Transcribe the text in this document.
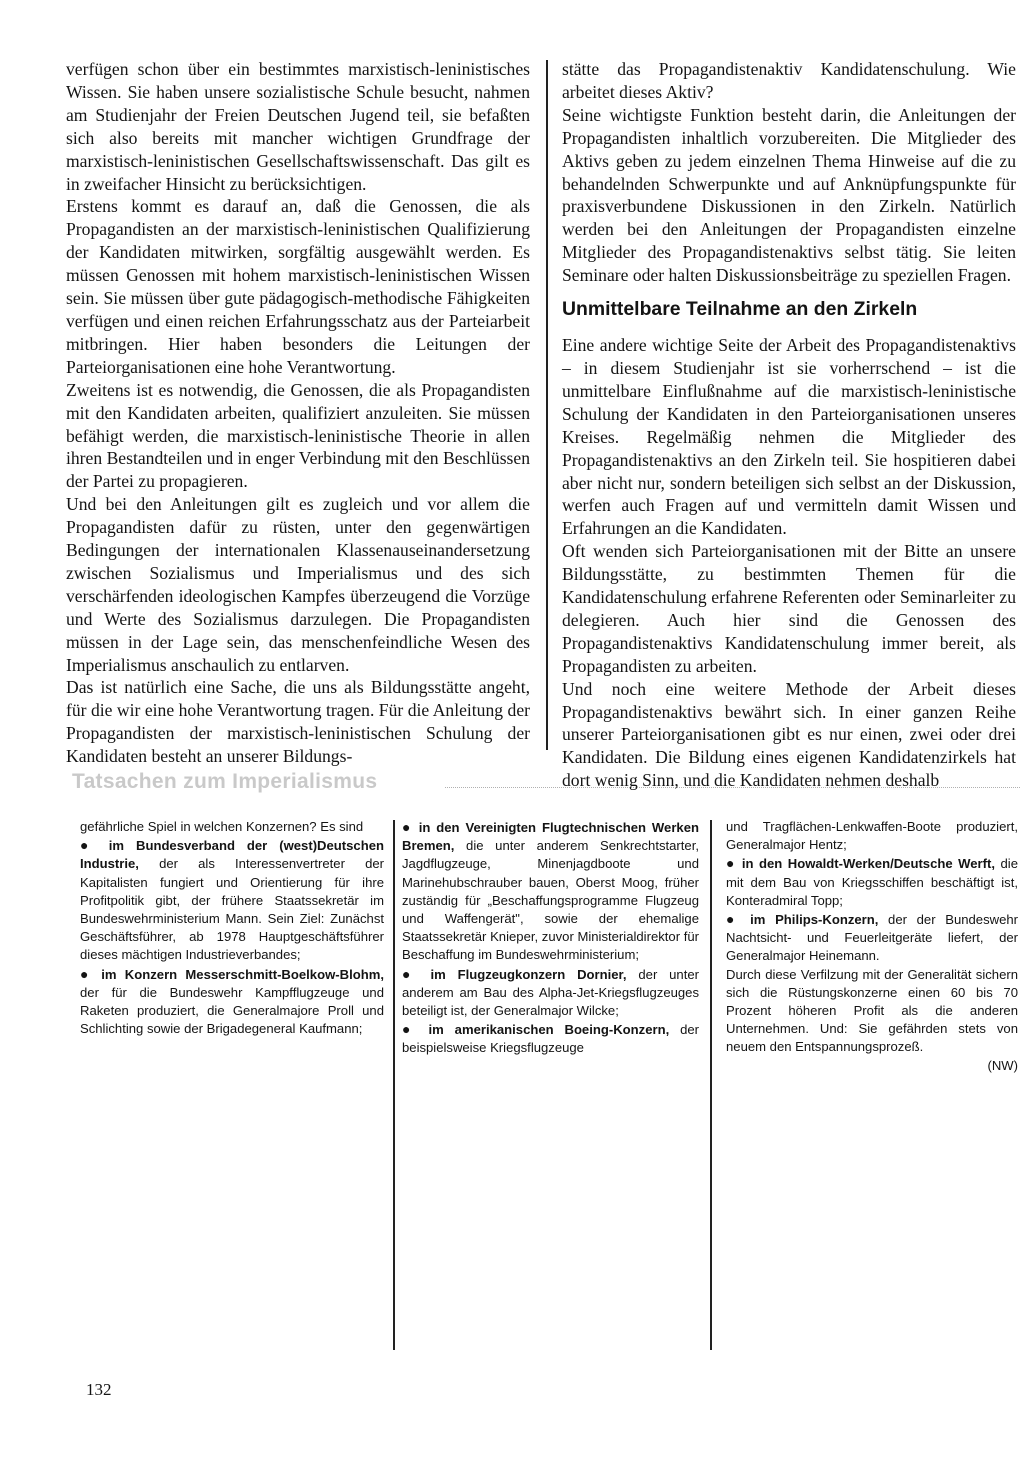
verfügen schon über ein bestimmtes marxistisch-leninistisches Wissen. Sie haben unsere sozialistische Schule besucht, nahmen am Studienjahr der Freien Deutschen Jugend teil, sie befaßten sich also bereits mit mancher wichtigen Grundfrage der marxistisch-leninistischen Gesellschaftswissenschaft. Das gilt es in zweifacher Hinsicht zu berücksichtigen.

Erstens kommt es darauf an, daß die Genossen, die als Propagandisten an der marxistisch-leninistischen Qualifizierung der Kandidaten mitwirken, sorgfältig ausgewählt werden. Es müssen Genossen mit hohem marxistisch-leninistischen Wissen sein. Sie müssen über gute pädagogisch-methodische Fähigkeiten verfügen und einen reichen Erfahrungsschatz aus der Parteiarbeit mitbringen. Hier haben besonders die Leitungen der Parteiorganisationen eine hohe Verantwortung.

Zweitens ist es notwendig, die Genossen, die als Propagandisten mit den Kandidaten arbeiten, qualifiziert anzuleiten. Sie müssen befähigt werden, die marxistisch-leninistische Theorie in allen ihren Bestandteilen und in enger Verbindung mit den Beschlüssen der Partei zu propagieren.

Und bei den Anleitungen gilt es zugleich und vor allem die Propagandisten dafür zu rüsten, unter den gegenwärtigen Bedingungen der internationalen Klassenauseinandersetzung zwischen Sozialismus und Imperialismus und des sich verschärfenden ideologischen Kampfes überzeugend die Vorzüge und Werte des Sozialismus darzulegen. Die Propagandisten müssen in der Lage sein, das menschenfeindliche Wesen des Imperialismus anschaulich zu entlarven.

Das ist natürlich eine Sache, die uns als Bildungsstätte angeht, für die wir eine hohe Verantwortung tragen. Für die Anleitung der Propagandisten der marxistisch-leninistischen Schulung der Kandidaten besteht an unserer Bildungs-

stätte das Propagandistenaktiv Kandidatenschulung. Wie arbeitet dieses Aktiv?

Seine wichtigste Funktion besteht darin, die Anleitungen der Propagandisten inhaltlich vorzubereiten. Die Mitglieder des Aktivs geben zu jedem einzelnen Thema Hinweise auf die zu behandelnden Schwerpunkte und auf Anknüpfungspunkte für praxisverbundene Diskussionen in den Zirkeln. Natürlich werden bei den Anleitungen der Propagandisten einzelne Mitglieder des Propagandistenaktivs selbst tätig. Sie leiten Seminare oder halten Diskussionsbeiträge zu speziellen Fragen.

Unmittelbare Teilnahme an den Zirkeln

Eine andere wichtige Seite der Arbeit des Propagandistenaktivs – in diesem Studienjahr ist sie vorherrschend – ist die unmittelbare Einflußnahme auf die marxistisch-leninistische Schulung der Kandidaten in den Parteiorganisationen unseres Kreises. Regelmäßig nehmen die Mitglieder des Propagandistenaktivs an den Zirkeln teil. Sie hospitieren dabei aber nicht nur, sondern beteiligen sich selbst an der Diskussion, werfen auch Fragen auf und vermitteln damit Wissen und Erfahrungen an die Kandidaten.

Oft wenden sich Parteiorganisationen mit der Bitte an unsere Bildungsstätte, zu bestimmten Themen für die Kandidatenschulung erfahrene Referenten oder Seminarleiter zu delegieren. Auch hier sind die Genossen des Propagandistenaktivs Kandidatenschulung immer bereit, als Propagandisten zu arbeiten.

Und noch eine weitere Methode der Arbeit dieses Propagandistenaktivs bewährt sich. In einer ganzen Reihe unserer Parteiorganisationen gibt es nur einen, zwei oder drei Kandidaten. Die Bildung eines eigenen Kandidatenzirkels hat dort wenig Sinn, und die Kandidaten nehmen deshalb

Tatsachen zum Imperialismus

gefährliche Spiel in welchen Konzernen? Es sind

● im Bundesverband der (west)Deutschen Industrie, der als Interessenvertreter der Kapitalisten fungiert und Orientierung für ihre Profitpolitik gibt, der frühere Staatssekretär im Bundeswehrministerium Mann. Sein Ziel: Zunächst Geschäftsführer, ab 1978 Hauptgeschäftsführer dieses mächtigen Industrieverbandes;

● im Konzern Messerschmitt-Boelkow-Blohm, der für die Bundeswehr Kampfflugzeuge und Raketen produziert, die Generalmajore Proll und Schlichting sowie der Brigadegeneral Kaufmann;

● in den Vereinigten Flugtechnischen Werken Bremen, die unter anderem Senkrechtstarter, Jagdflugzeuge, Minenjagdboote und Marinehubschrauber bauen, Oberst Moog, früher zuständig für „Beschaffungsprogramme Flugzeug und Waffengerät", sowie der ehemalige Staatssekretär Knieper, zuvor Ministerialdirektor für Beschaffung im Bundeswehrministerium;

● im Flugzeugkonzern Dornier, der unter anderem am Bau des Alpha-Jet-Kriegsflugzeuges beteiligt ist, der Generalmajor Wilcke;

● im amerikanischen Boeing-Konzern, der beispielsweise Kriegsflugzeuge

und Tragflächen-Lenkwaffen-Boote produziert, Generalmajor Hentz;

● in den Howaldt-Werken/Deutsche Werft, die mit dem Bau von Kriegsschiffen beschäftigt ist, Konteradmiral Topp;

● im Philips-Konzern, der der Bundeswehr Nachtsicht- und Feuerleitgeräte liefert, der Generalmajor Heinemann.

Durch diese Verfilzung mit der Generalität sichern sich die Rüstungskonzerne einen 60 bis 70 Prozent höheren Profit als die anderen Unternehmen. Und: Sie gefährden stets von neuem den Entspannungsprozeß.

(NW)

132
